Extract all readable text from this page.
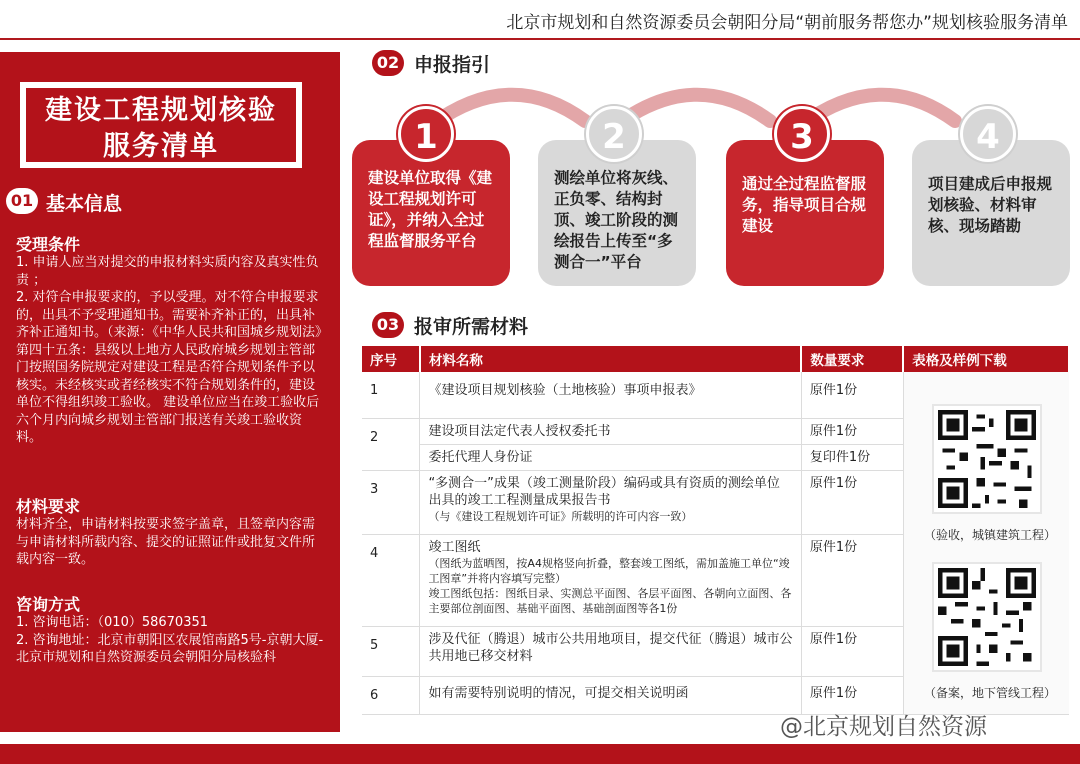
北京市规划和自然资源委员会朝阳分局“朝前服务帮您办”规划核验服务清单
建设工程规划核验
服务清单
01 基本信息
受理条件
1. 申请人应当对提交的申报材料实质内容及真实性负责 ；
2. 对符合申报要求的，予以受理。对不符合申报要求的，出具不予受理通知书。需要补齐补正的，出具补齐补正通知书。（来源：《中华人民共和国城乡规划法》第四十五条：县级以上地方人民政府城乡规划主管部门按照国务院规定对建设工程是否符合规划条件予以核实。未经核实或者经核实不符合规划条件的，建设单位不得组织竣工验收。 建设单位应当在竣工验收后六个月内向城乡规划主管部门报送有关竣工验收资料。
材料要求
材料齐全，申请材料按要求签字盖章，且签章内容需与申请材料所载内容、提交的证照证件或批复文件所载内容一致。
咨询方式
1. 咨询电话：（010）58670351
2. 咨询地址：北京市朝阳区农展馆南路5号-京朝大厦-北京市规划和自然资源委员会朝阳分局核验科
02 申报指引
建设单位取得《建设工程规划许可证》，并纳入全过程监督服务平台
1
测绘单位将灰线、正负零、结构封顶、竣工阶段的测绘报告上传至“多测合一”平台
2
通过全过程监督服务，指导项目合规建设
3
项目建成后申报规划核验、材料审核、现场踏勘
4
03 报审所需材料
序号	材料名称	数量要求	表格及样例下载
1	《建设项目规划核验（土地核验）事项申报表》	原件1份	
2	建设项目法定代表人授权委托书	原件1份	
	委托代理人身份证	复印件1份	
3	“多测合一”成果（竣工测量阶段）编码或具有资质的测绘单位出具的竣工工程测量成果报告书
（与《建设工程规划许可证》所载明的许可内容一致）	原件1份	
4	竣工图纸
（图纸为蓝晒图，按A4规格竖向折叠，整套竣工图纸，需加盖施工单位“竣工图章”并将内容填写完整）
竣工图纸包括：图纸目录、实测总平面图、各层平面图、各朝向立面图、各主要部位剖面图、基础平面图、基础剖面图等各1份	原件1份	
5	涉及代征（腾退）城市公共用地项目，提交代征（腾退）城市公共用地已移交材料	原件1份	
6	如有需要特别说明的情况，可提交相关说明函	原件1份	
（验收，城镇建筑工程）
（备案，地下管线工程）
@北京规划自然资源
